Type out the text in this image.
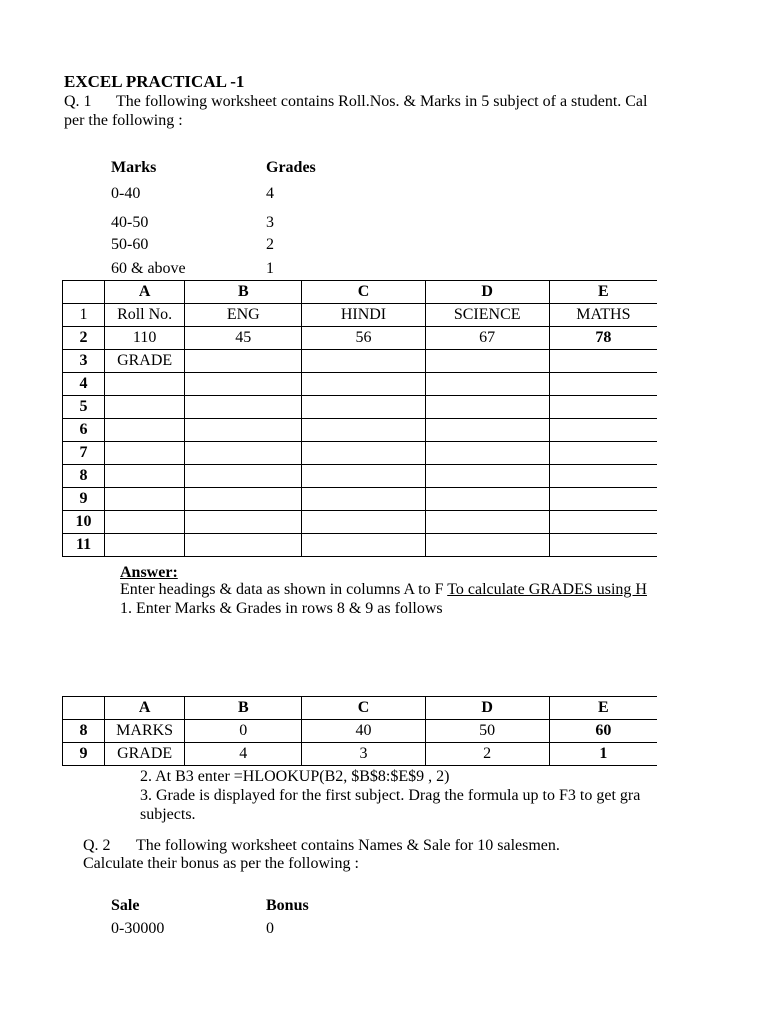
EXCEL PRACTICAL -1
Q. 1 The following worksheet contains Roll.Nos. & Marks in 5 subject of a student. Cal
per the following :
Marks	Grades
0-40	4
40-50	3
50-60	2
60 & above	1
	A	B	C	D	E
1	Roll No.	ENG	HINDI	SCIENCE	MATHS
2	110	45	56	67	78
3	GRADE				
4					
5					
6					
7					
8					
9					
10					
11					
Answer:
Enter headings & data as shown in columns A to F To calculate GRADES using H
1. Enter Marks & Grades in rows 8 & 9 as follows
	A	B	C	D	E
8	MARKS	0	40	50	60
9	GRADE	4	3	2	1
2. At B3 enter =HLOOKUP(B2, $B$8:$E$9 , 2)
3. Grade is displayed for the first subject. Drag the formula up to F3 to get gra
subjects.
Q. 2 The following worksheet contains Names & Sale for 10 salesmen.
Calculate their bonus as per the following :
Sale	Bonus
0-30000	0
